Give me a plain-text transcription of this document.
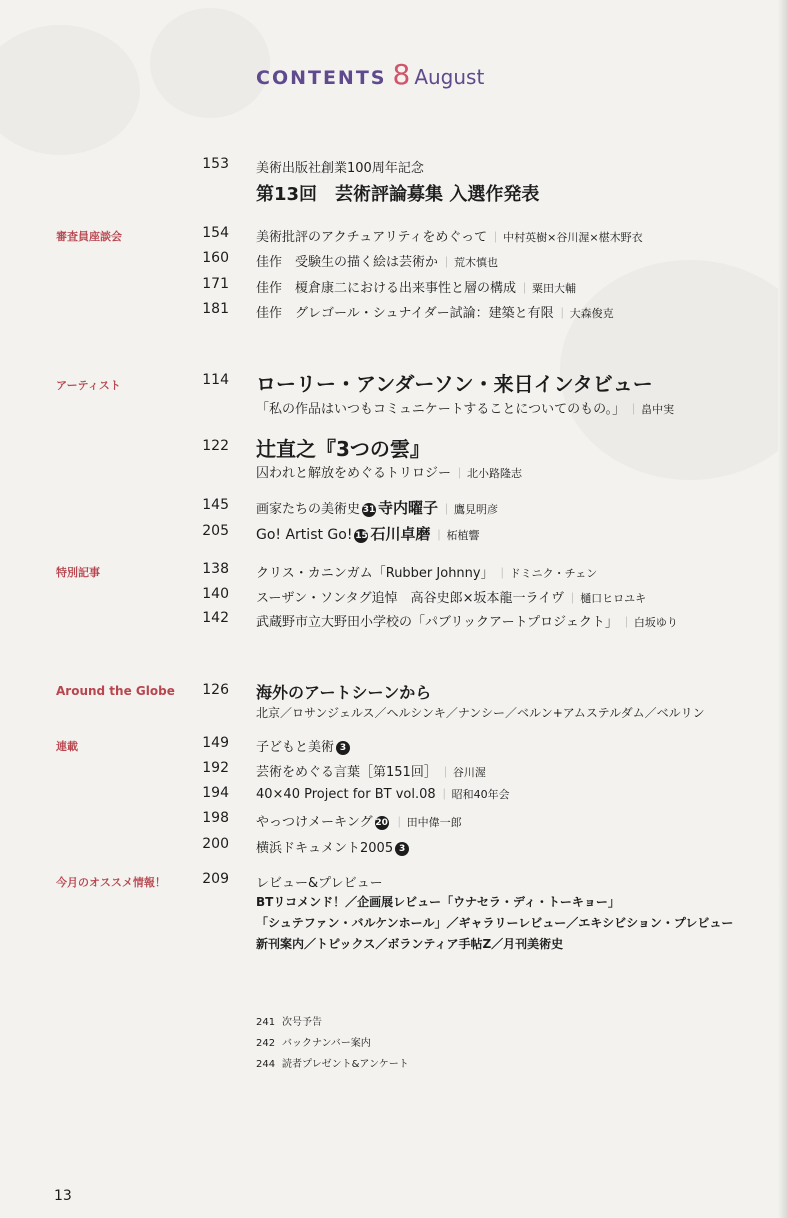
CONTENTS 8 August
153 美術出版社創業100周年記念
第13回　芸術評論募集 入選作発表
審査員座談会	154 美術批評のアクチュアリティをめぐって ｜ 中村英樹×谷川渥×椹木野衣
160 佳作　受験生の描く絵は芸術か ｜ 荒木慎也
171 佳作　榎倉康二における出来事性と層の構成 ｜ 粟田大輔
181 佳作　グレゴール・シュナイダー試論：建築と有限 ｜ 大森俊克
アーティスト	114 ローリー・アンダーソン・来日インタビュー
「私の作品はいつもコミュニケートすることについてのもの。」 ｜ 畠中実
122 辻直之『3つの雲』
囚われと解放をめぐるトリロジー ｜ 北小路隆志
145 画家たちの美術史 31 寺内曜子 ｜ 鷹見明彦
205 Go! Artist Go! 15 石川卓磨 ｜ 柘植響
特別記事	138 クリス・カニンガム「Rubber Johnny」 ｜ ドミニク・チェン
140 スーザン・ソンタグ追悼　高谷史郎×坂本龍一ライヴ ｜ 樋口ヒロユキ
142 武蔵野市立大野田小学校の「パブリックアートプロジェクト」 ｜ 白坂ゆり
Around the Globe	126 海外のアートシーンから
北京／ロサンジェルス／ヘルシンキ／ナンシー／ベルン+アムステルダム／ベルリン
連載	149 子どもと美術 3
192 芸術をめぐる言葉［第151回］ ｜ 谷川渥
194 40×40 Project for BT vol.08 ｜ 昭和40年会
198 やっつけメーキング 20 ｜ 田中偉一郎
200 横浜ドキュメント2005 3
今月のオススメ情報！	209 レビュー&プレビュー
BTリコメンド！／企画展レビュー「ウナセラ・ディ・トーキョー」
「シュテファン・バルケンホール」／ギャラリーレビュー／エキシビション・プレビュー
新刊案内／トピックス／ボランティア手帖Z／月刊美術史
241 次号予告
242 バックナンバー案内
244 読者プレゼント&アンケート
13
